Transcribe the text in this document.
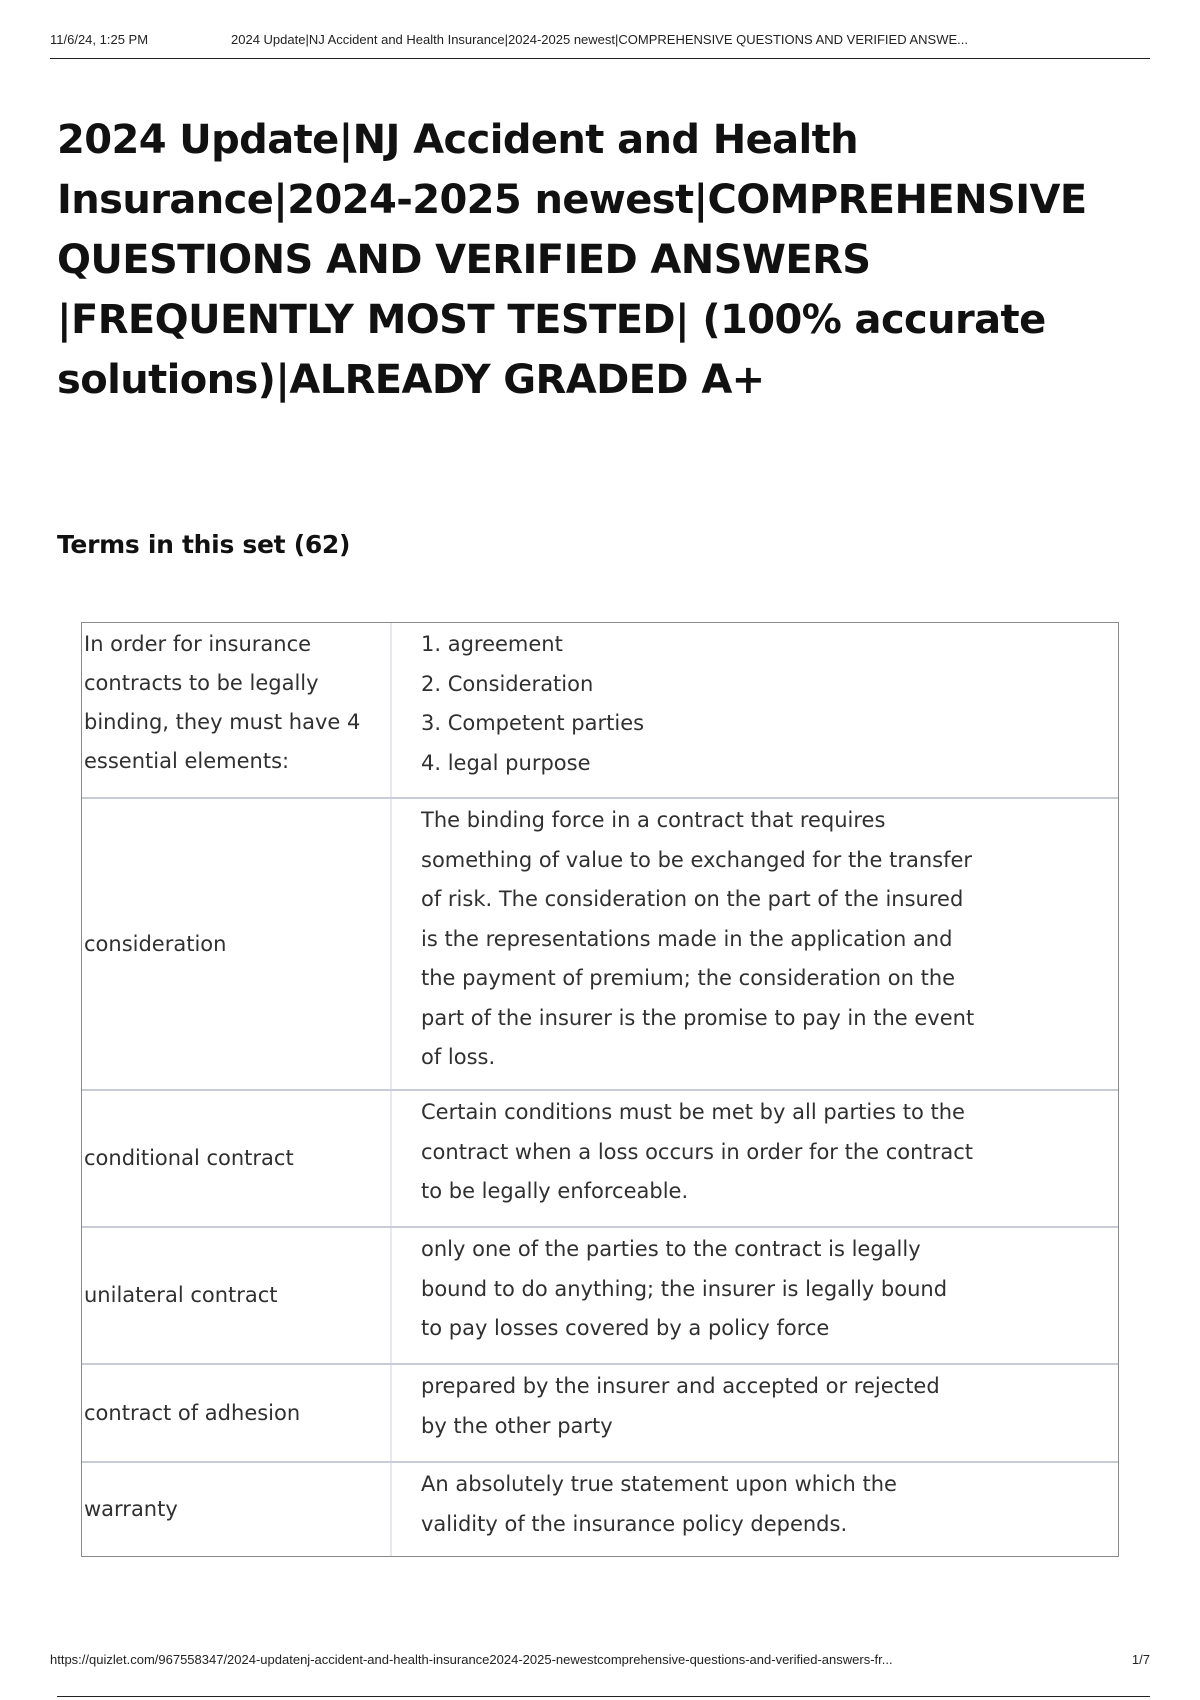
11/6/24, 1:25 PM	2024 Update|NJ Accident and Health Insurance|2024-2025 newest|COMPREHENSIVE QUESTIONS AND VERIFIED ANSWE...
2024 Update|NJ Accident and Health Insurance|2024-2025 newest|COMPREHENSIVE QUESTIONS AND VERIFIED ANSWERS |FREQUENTLY MOST TESTED| (100% accurate solutions)|ALREADY GRADED A+
Terms in this set (62)
In order for insurance contracts to be legally binding, they must have 4 essential elements:
1. agreement
2. Consideration
3. Competent parties
4. legal purpose
consideration
The binding force in a contract that requires
something of value to be exchanged for the transfer
of risk. The consideration on the part of the insured
is the representations made in the application and
the payment of premium; the consideration on the
part of the insurer is the promise to pay in the event
of loss.
conditional contract
Certain conditions must be met by all parties to the
contract when a loss occurs in order for the contract
to be legally enforceable.
unilateral contract
only one of the parties to the contract is legally
bound to do anything; the insurer is legally bound
to pay losses covered by a policy force
contract of adhesion
prepared by the insurer and accepted or rejected
by the other party
warranty
An absolutely true statement upon which the
validity of the insurance policy depends.
https://quizlet.com/967558347/2024-updatenj-accident-and-health-insurance2024-2025-newestcomprehensive-questions-and-verified-answers-fr...	1/7
